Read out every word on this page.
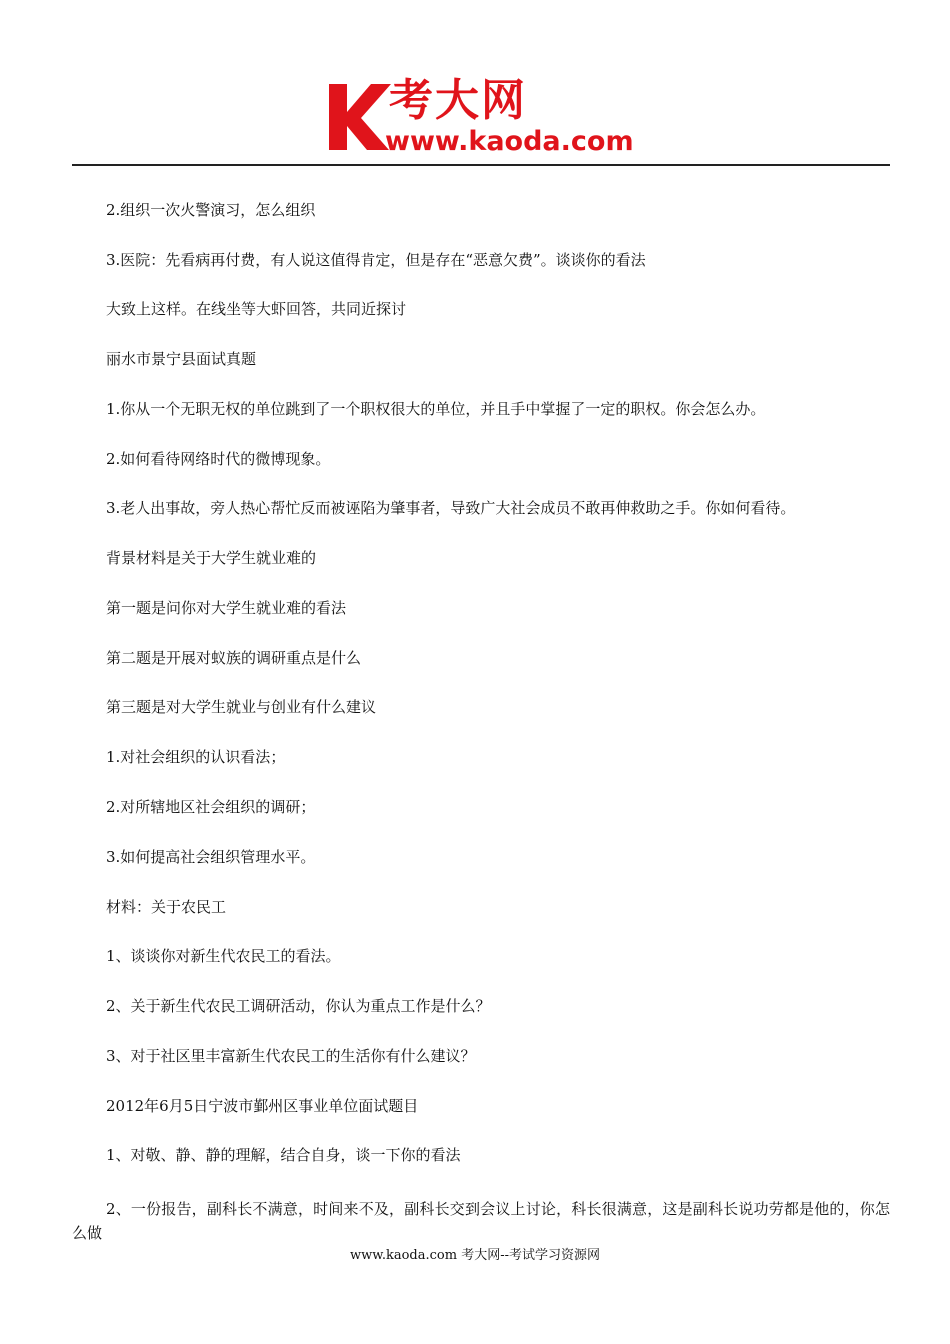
考大网
www.kaoda.com
2.组织一次火警演习，怎么组织
3.医院：先看病再付费，有人说这值得肯定，但是存在“恶意欠费”。谈谈你的看法
大致上这样。在线坐等大虾回答，共同近探讨
丽水市景宁县面试真题
1.你从一个无职无权的单位跳到了一个职权很大的单位，并且手中掌握了一定的职权。你会怎么办。
2.如何看待网络时代的微博现象。
3.老人出事故，旁人热心帮忙反而被诬陷为肇事者，导致广大社会成员不敢再伸救助之手。你如何看待。
背景材料是关于大学生就业难的
第一题是问你对大学生就业难的看法
第二题是开展对蚁族的调研重点是什么
第三题是对大学生就业与创业有什么建议
1.对社会组织的认识看法；
2.对所辖地区社会组织的调研；
3.如何提高社会组织管理水平。
材料：关于农民工
1、谈谈你对新生代农民工的看法。
2、关于新生代农民工调研活动，你认为重点工作是什么？
3、对于社区里丰富新生代农民工的生活你有什么建议？
2012年6月5日宁波市鄞州区事业单位面试题目
1、对敬、静、静的理解，结合自身，谈一下你的看法
2、一份报告，副科长不满意，时间来不及，副科长交到会议上讨论，科长很满意，这是副科长说功劳都是他的，你怎么做
www.kaoda.com 考大网--考试学习资源网
